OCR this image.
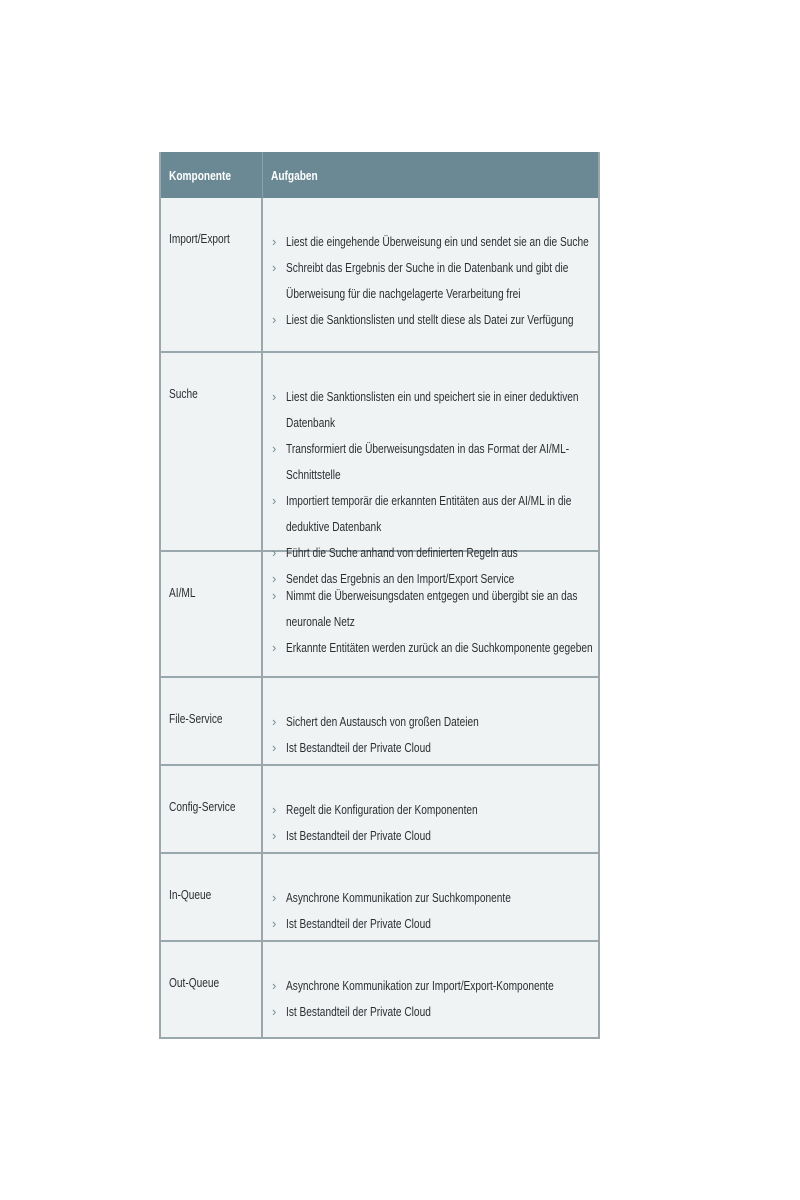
Komponente	Aufgaben
Import/Export	› Liest die eingehende Überweisung ein und sendet sie an die Suche
› Schreibt das Ergebnis der Suche in die Datenbank und gibt die Überweisung für die nachgelagerte Verarbeitung frei
› Liest die Sanktionslisten und stellt diese als Datei zur Verfügung
Suche	› Liest die Sanktionslisten ein und speichert sie in einer deduktiven Datenbank
› Transformiert die Überweisungsdaten in das Format der AI/ML-Schnittstelle
› Importiert temporär die erkannten Entitäten aus der AI/ML in die deduktive Datenbank
› Führt die Suche anhand von definierten Regeln aus
› Sendet das Ergebnis an den Import/Export Service
AI/ML	› Nimmt die Überweisungsdaten entgegen und übergibt sie an das neuronale Netz
› Erkannte Entitäten werden zurück an die Suchkomponente gegeben
File-Service	› Sichert den Austausch von großen Dateien
› Ist Bestandteil der Private Cloud
Config-Service	› Regelt die Konfiguration der Komponenten
› Ist Bestandteil der Private Cloud
In-Queue	› Asynchrone Kommunikation zur Suchkomponente
› Ist Bestandteil der Private Cloud
Out-Queue	› Asynchrone Kommunikation zur Import/Export-Komponente
› Ist Bestandteil der Private Cloud
